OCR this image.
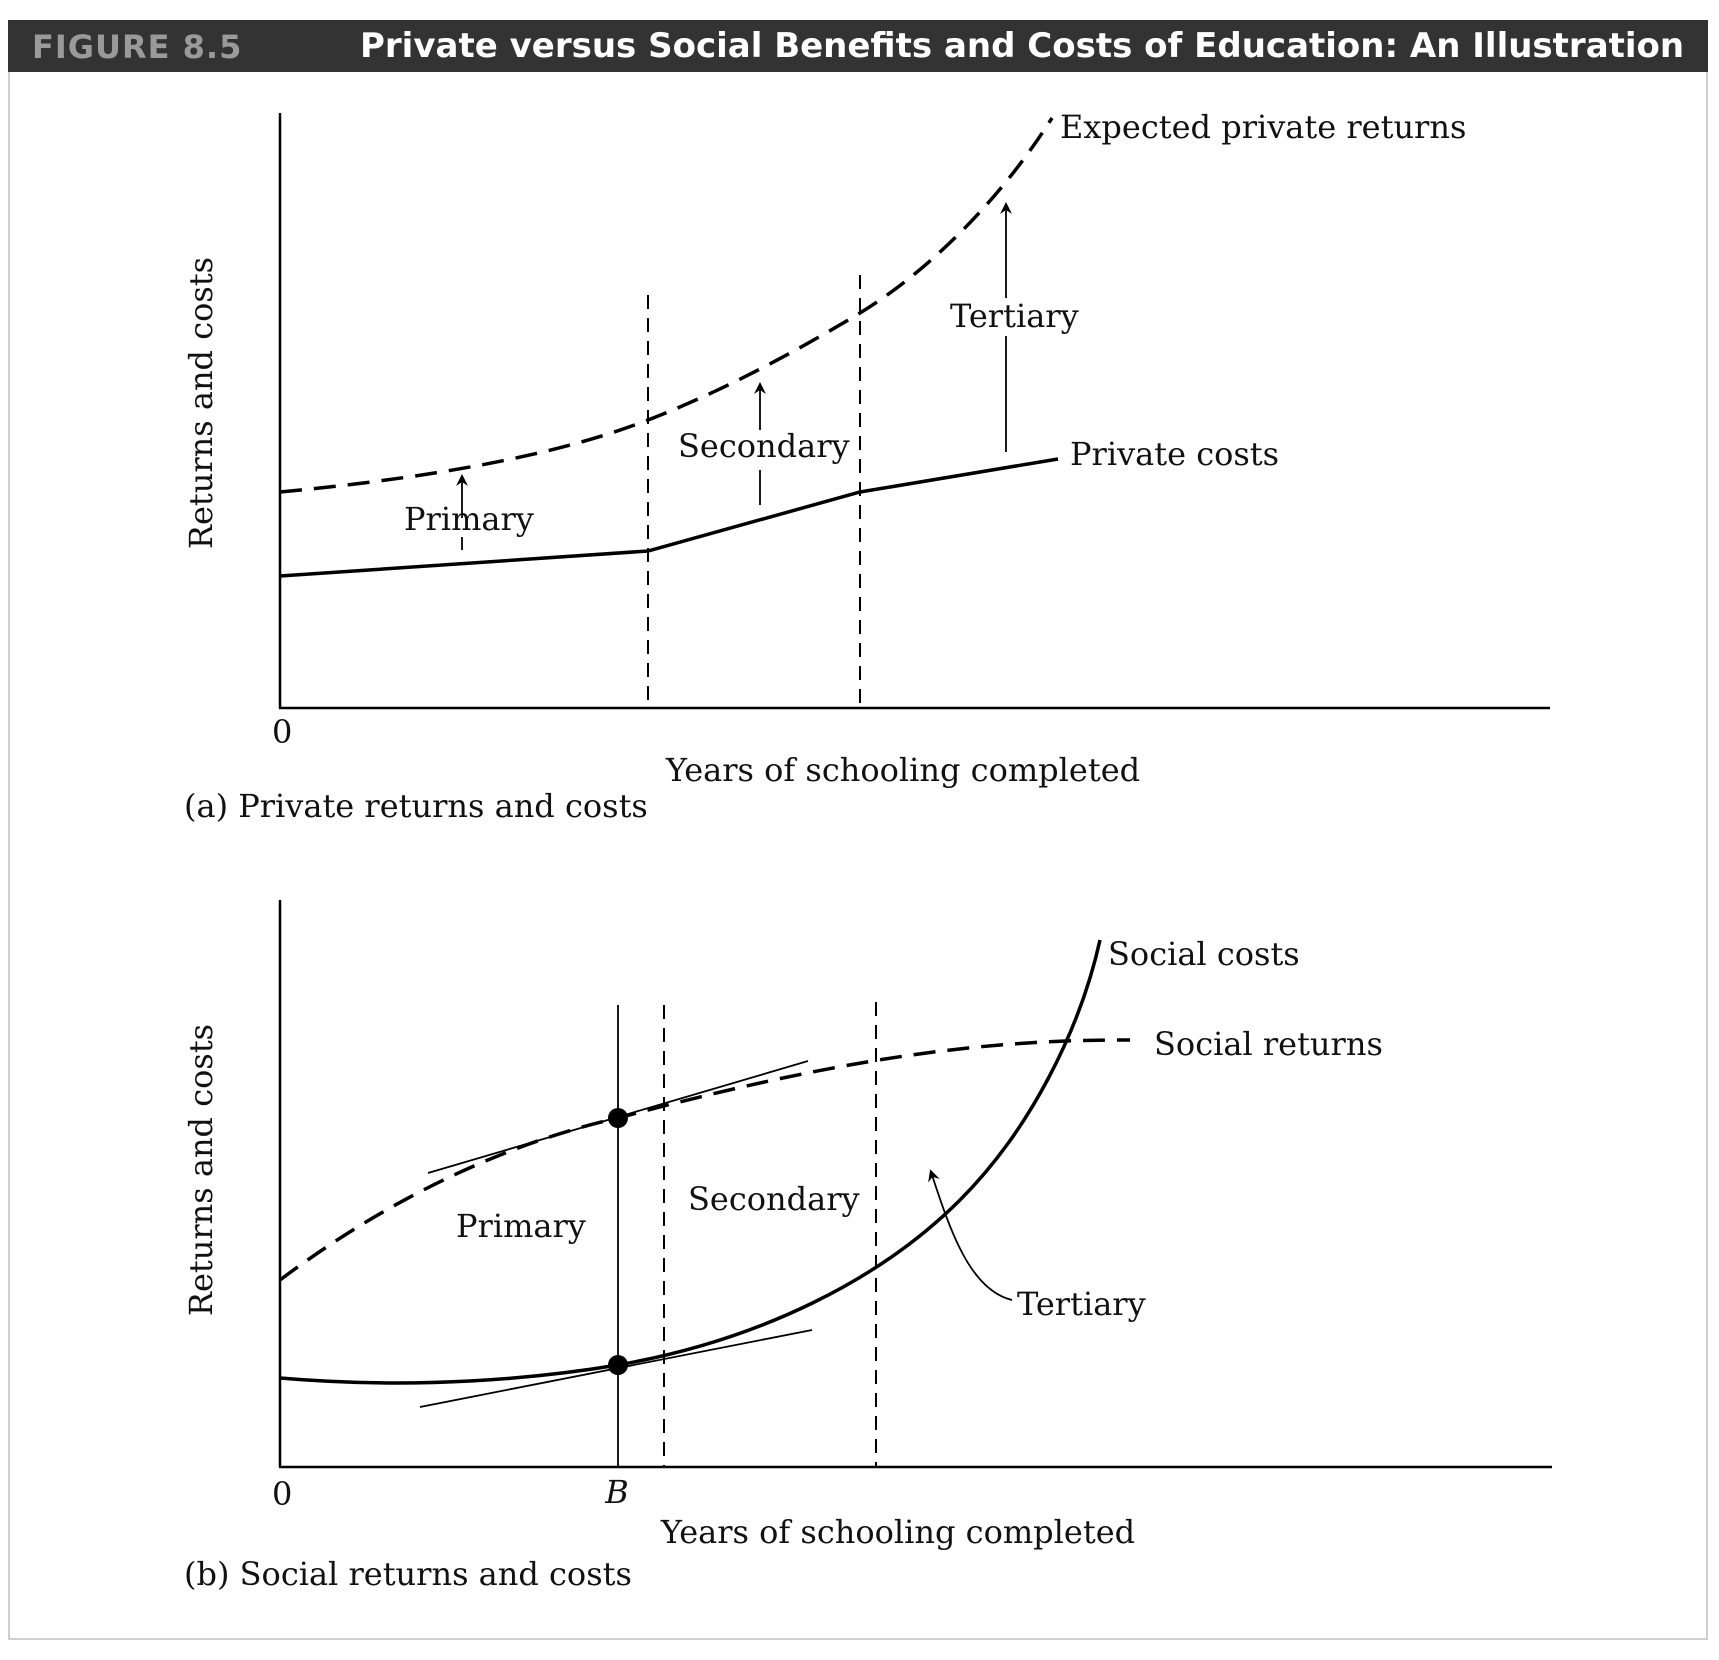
FIGURE 8.5	Private versus Social Benefits and Costs of Education: An Illustration
Expected private returns
Private costs
Primary
Secondary
Tertiary
0
Years of schooling completed
Returns and costs
(a) Private returns and costs
Social costs
Social returns
Primary
Secondary
Tertiary
0	B
Years of schooling completed
Returns and costs
(b) Social returns and costs
